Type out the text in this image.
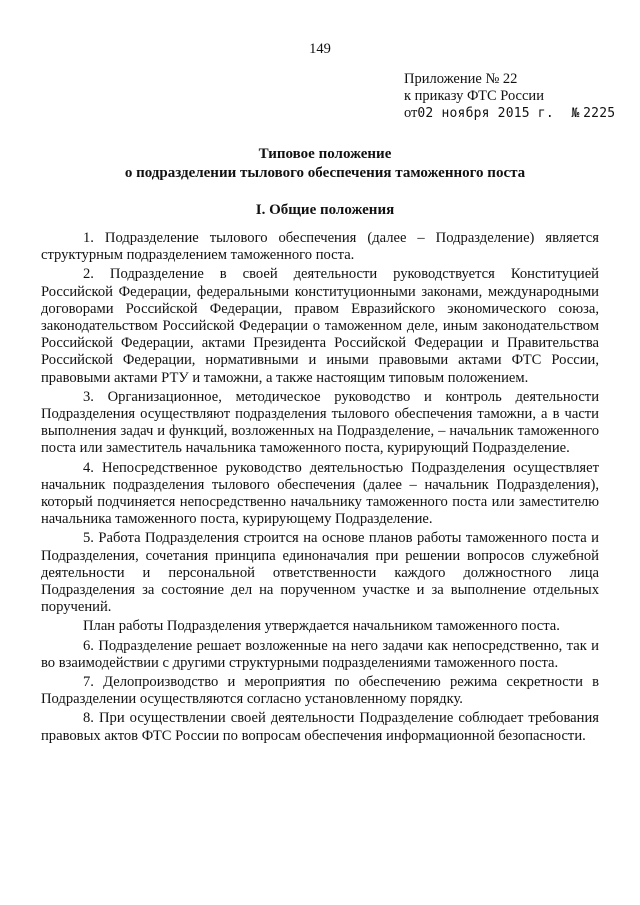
149
Приложение № 22
к приказу ФТС России
от02 ноября 2015 г. № 2225
Типовое положение
о подразделении тылового обеспечения таможенного поста
I. Общие положения

1. Подразделение тылового обеспечения (далее – Подразделение) является структурным подразделением таможенного поста.

2. Подразделение в своей деятельности руководствуется Конституцией Российской Федерации, федеральными конституционными законами, международными договорами Российской Федерации, правом Евразийского экономического союза, законодательством Российской Федерации о таможенном деле, иным законодательством Российской Федерации, актами Президента Российской Федерации и Правительства Российской Федерации, нормативными и иными правовыми актами ФТС России, правовыми актами РТУ и таможни, а также настоящим типовым положением.

3. Организационное, методическое руководство и контроль деятельности Подразделения осуществляют подразделения тылового обеспечения таможни, а в части выполнения задач и функций, возложенных на Подразделение, – начальник таможенного поста или заместитель начальника таможенного поста, курирующий Подразделение.

4. Непосредственное руководство деятельностью Подразделения осуществляет начальник подразделения тылового обеспечения (далее – начальник Подразделения), который подчиняется непосредственно начальнику таможенного поста или заместителю начальника таможенного поста, курирующему Подразделение.

5. Работа Подразделения строится на основе планов работы таможенного поста и Подразделения, сочетания принципа единоначалия при решении вопросов служебной деятельности и персональной ответственности каждого должностного лица Подразделения за состояние дел на порученном участке и за выполнение отдельных поручений.

План работы Подразделения утверждается начальником таможенного поста.

6. Подразделение решает возложенные на него задачи как непосредственно, так и во взаимодействии с другими структурными подразделениями таможенного поста.

7. Делопроизводство и мероприятия по обеспечению режима секретности в Подразделении осуществляются согласно установленному порядку.

8. При осуществлении своей деятельности Подразделение соблюдает требования правовых актов ФТС России по вопросам обеспечения информационной безопасности.
